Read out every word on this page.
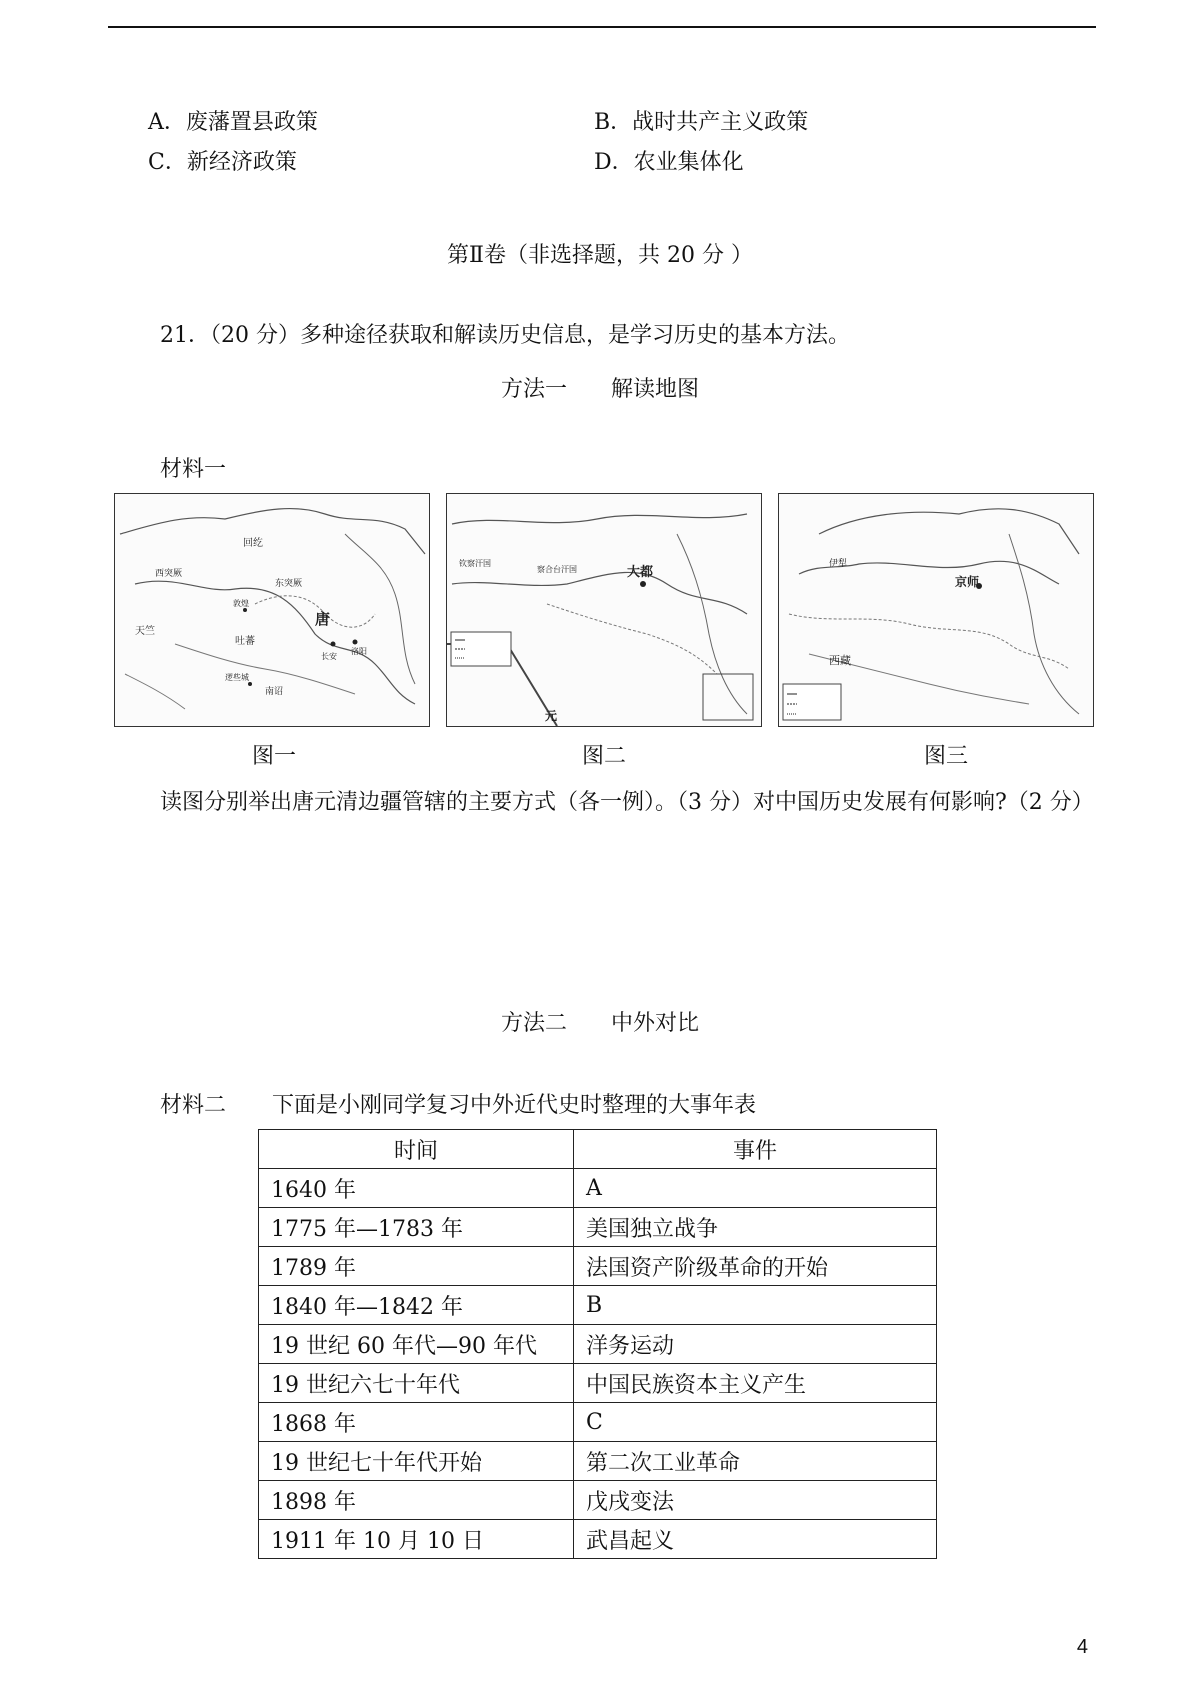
A．废藩置县政策	B．战时共产主义政策
C．新经济政策	D．农业集体化
第Ⅱ卷（非选择题，共 20 分 ）
21．（20 分）多种途径获取和解读历史信息，是学习历史的基本方法。
方法一　　解读地图
材料一
西突厥
回纥
东突厥
唐
长安
洛阳
吐蕃
南诏
天竺
敦煌
逻些城
大都
元
钦察汗国
察合台汗国
京师
伊犁
西藏
图一	图二	图三
读图分别举出唐元清边疆管辖的主要方式（各一例）。（3 分）对中国历史发展有何影响?（2 分）
方法二　　中外对比
材料二 下面是小刚同学复习中外近代史时整理的大事年表
时间	事件
1640 年	A
1775 年—1783 年	美国独立战争
1789 年	法国资产阶级革命的开始
1840 年—1842 年	B
19 世纪 60 年代—90 年代	洋务运动
19 世纪六七十年代	中国民族资本主义产生
1868 年	C
19 世纪七十年代开始	第二次工业革命
1898 年	戊戌变法
1911 年 10 月 10 日	武昌起义
4
